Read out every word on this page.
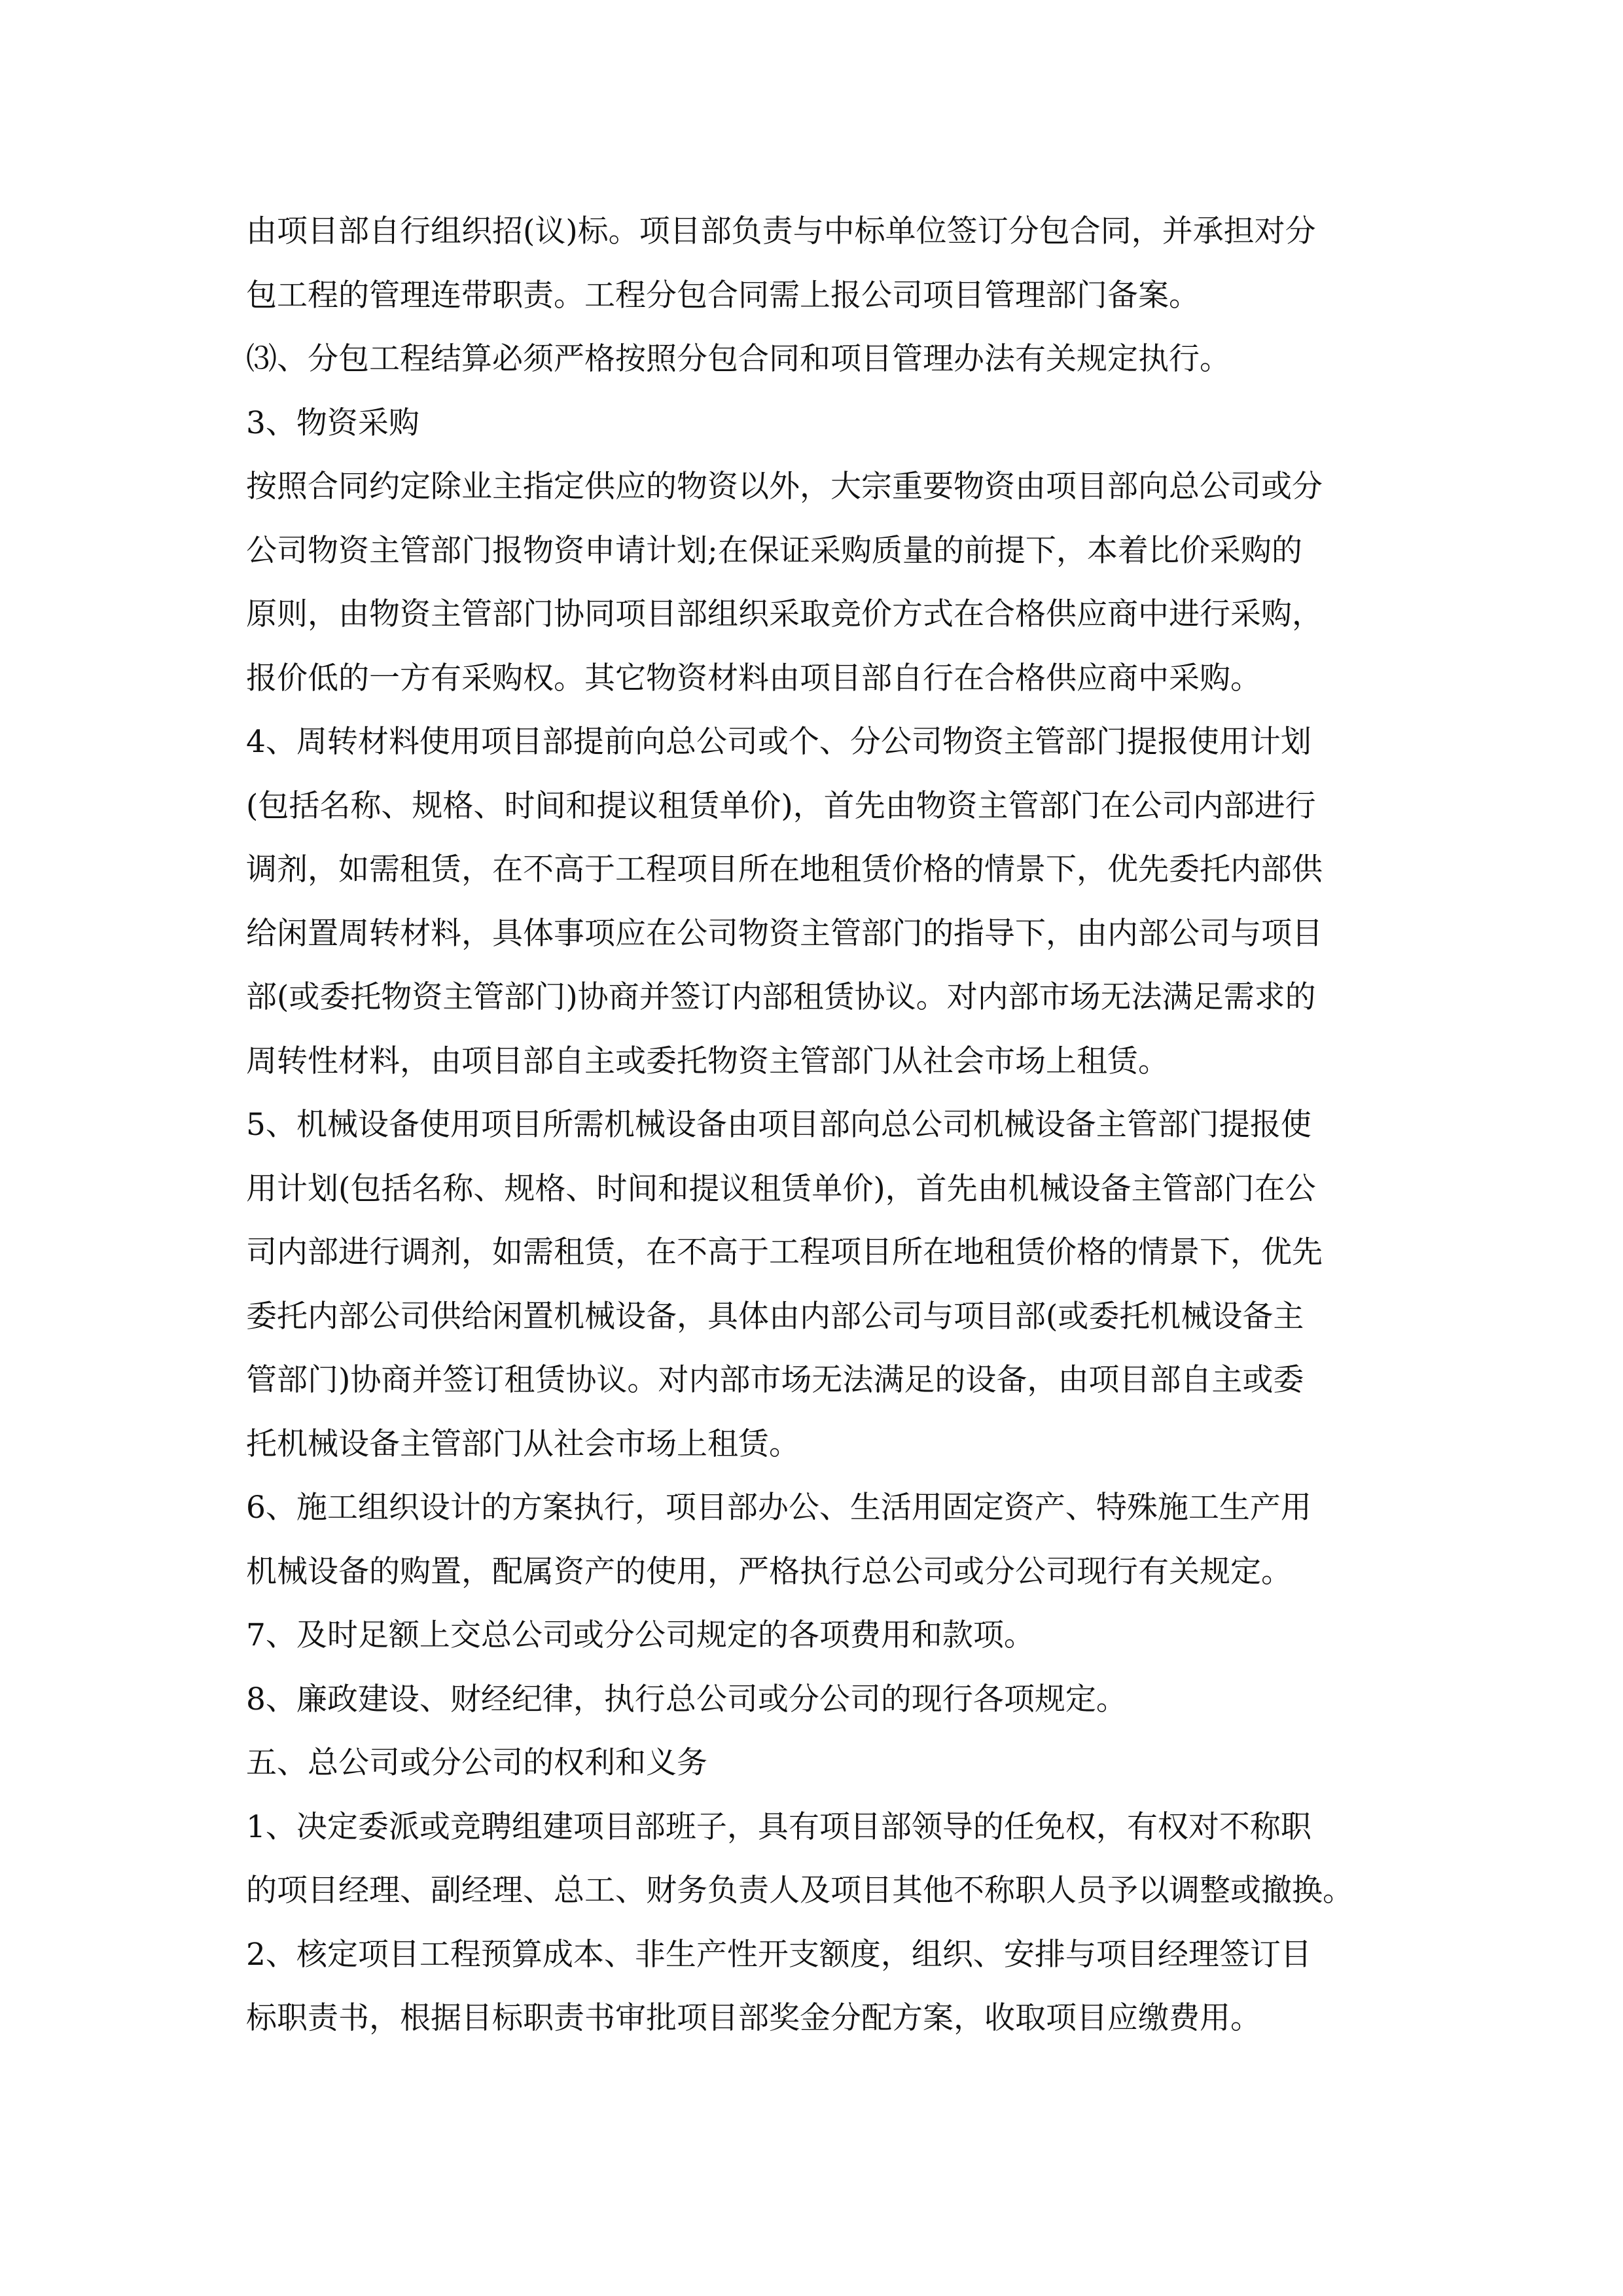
由项目部自行组织招(议)标。项目部负责与中标单位签订分包合同，并承担对分
包工程的管理连带职责。工程分包合同需上报公司项目管理部门备案。
⑶、分包工程结算必须严格按照分包合同和项目管理办法有关规定执行。
3、物资采购
按照合同约定除业主指定供应的物资以外，大宗重要物资由项目部向总公司或分
公司物资主管部门报物资申请计划;在保证采购质量的前提下，本着比价采购的
原则，由物资主管部门协同项目部组织采取竞价方式在合格供应商中进行采购，
报价低的一方有采购权。其它物资材料由项目部自行在合格供应商中采购。
4、周转材料使用项目部提前向总公司或个、分公司物资主管部门提报使用计划
(包括名称、规格、时间和提议租赁单价)，首先由物资主管部门在公司内部进行
调剂，如需租赁，在不高于工程项目所在地租赁价格的情景下，优先委托内部供
给闲置周转材料，具体事项应在公司物资主管部门的指导下，由内部公司与项目
部(或委托物资主管部门)协商并签订内部租赁协议。对内部市场无法满足需求的
周转性材料，由项目部自主或委托物资主管部门从社会市场上租赁。
5、机械设备使用项目所需机械设备由项目部向总公司机械设备主管部门提报使
用计划(包括名称、规格、时间和提议租赁单价)，首先由机械设备主管部门在公
司内部进行调剂，如需租赁，在不高于工程项目所在地租赁价格的情景下，优先
委托内部公司供给闲置机械设备，具体由内部公司与项目部(或委托机械设备主
管部门)协商并签订租赁协议。对内部市场无法满足的设备，由项目部自主或委
托机械设备主管部门从社会市场上租赁。
6、施工组织设计的方案执行，项目部办公、生活用固定资产、特殊施工生产用
机械设备的购置，配属资产的使用，严格执行总公司或分公司现行有关规定。
7、及时足额上交总公司或分公司规定的各项费用和款项。
8、廉政建设、财经纪律，执行总公司或分公司的现行各项规定。
五、总公司或分公司的权利和义务
1、决定委派或竞聘组建项目部班子，具有项目部领导的任免权，有权对不称职
的项目经理、副经理、总工、财务负责人及项目其他不称职人员予以调整或撤换。
2、核定项目工程预算成本、非生产性开支额度，组织、安排与项目经理签订目
标职责书，根据目标职责书审批项目部奖金分配方案，收取项目应缴费用。
